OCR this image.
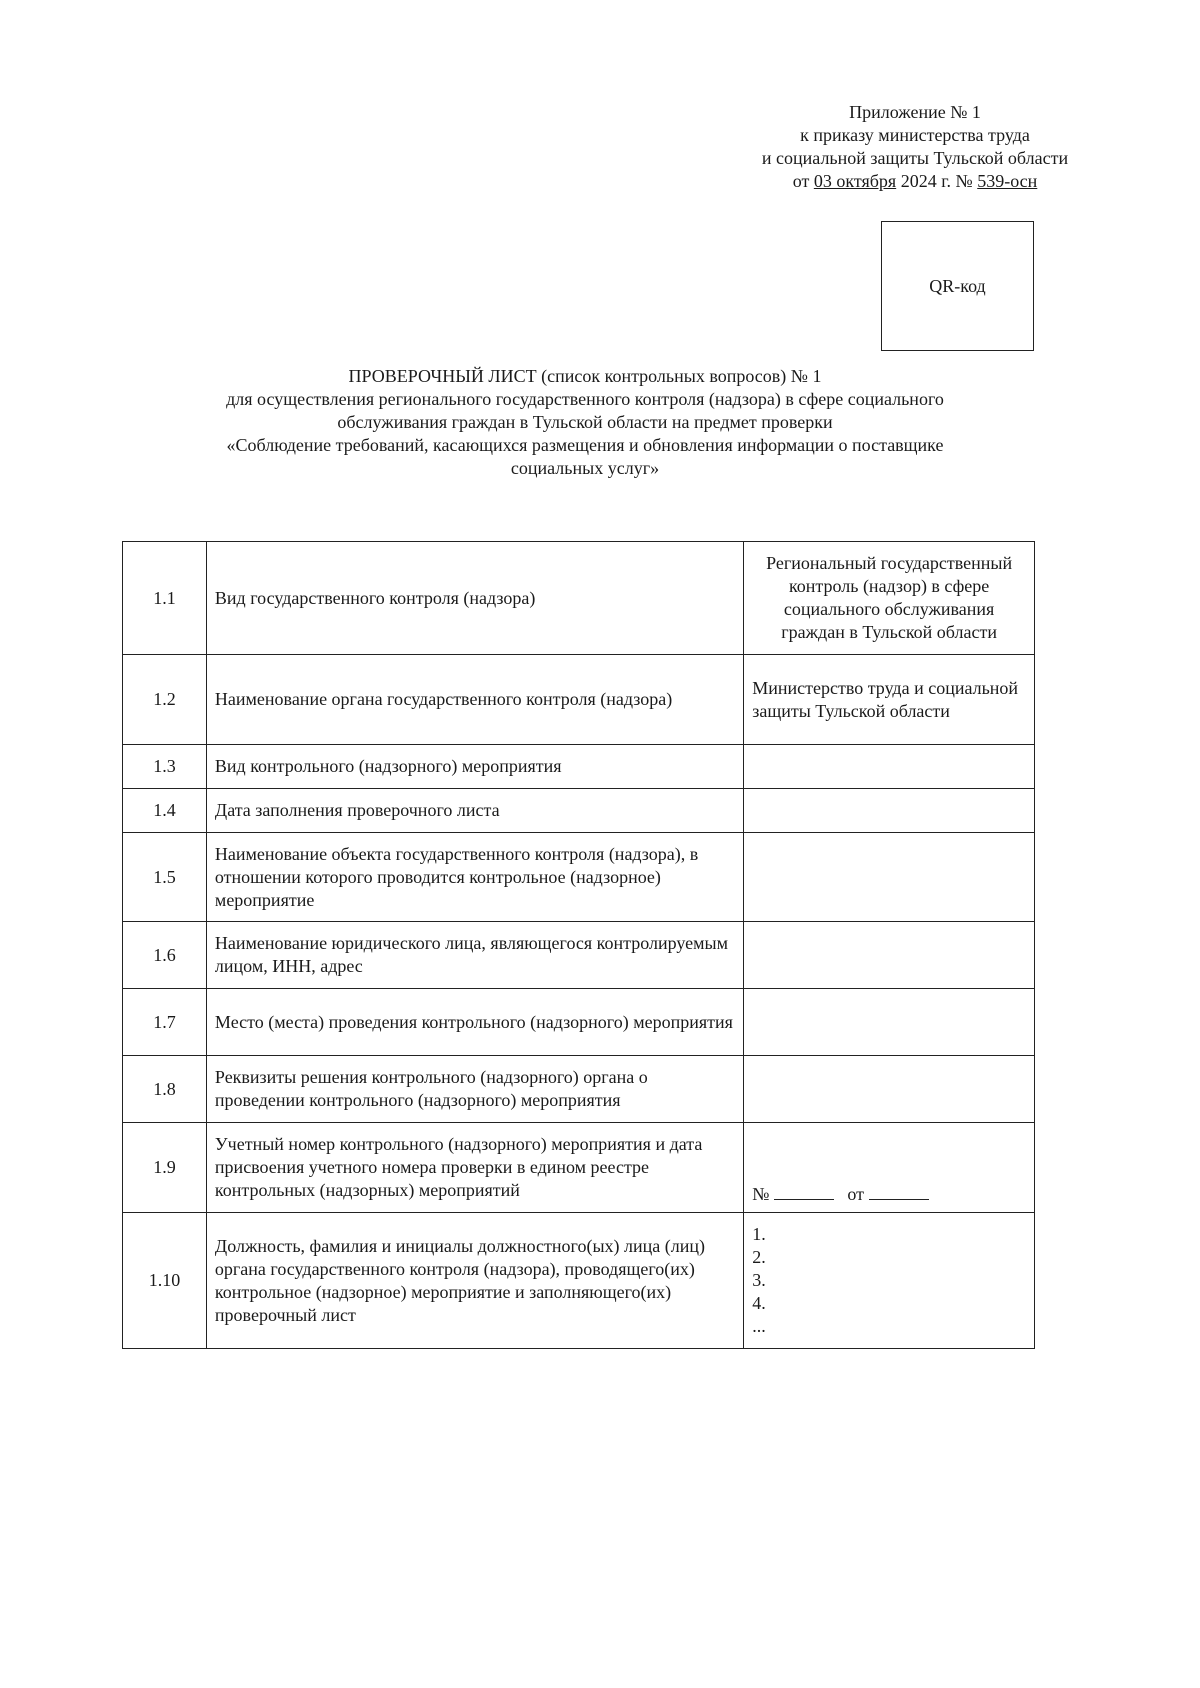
Приложение № 1
к приказу министерства труда
и социальной защиты Тульской области
от 03 октября 2024 г. № 539-осн
QR-код
ПРОВЕРОЧНЫЙ ЛИСТ (список контрольных вопросов) № 1
для осуществления регионального государственного контроля (надзора) в сфере социального
обслуживания граждан в Тульской области на предмет проверки
«Соблюдение требований, касающихся размещения и обновления информации о поставщике
социальных услуг»
1.1	Вид государственного контроля (надзора)	Региональный государственный контроль (надзор) в сфере социального обслуживания граждан в Тульской области
1.2	Наименование органа государственного контроля (надзора)	Министерство труда и социальной защиты Тульской области
1.3	Вид контрольного (надзорного) мероприятия	
1.4	Дата заполнения проверочного листа	
1.5	Наименование объекта государственного контроля (надзора), в отношении которого проводится контрольное (надзорное) мероприятие	
1.6	Наименование юридического лица, являющегося контролируемым лицом, ИНН, адрес	
1.7	Место (места) проведения контрольного (надзорного) мероприятия	
1.8	Реквизиты решения контрольного (надзорного) органа о проведении контрольного (надзорного) мероприятия	
1.9	Учетный номер контрольного (надзорного) мероприятия и дата присвоения учетного номера проверки в едином реестре контрольных (надзорных) мероприятий	№ от
1.10	Должность, фамилия и инициалы должностного(ых) лица (лиц) органа государственного контроля (надзора), проводящего(их) контрольное (надзорное) мероприятие и заполняющего(их) проверочный лист	1.
2.
3.
4.
...
